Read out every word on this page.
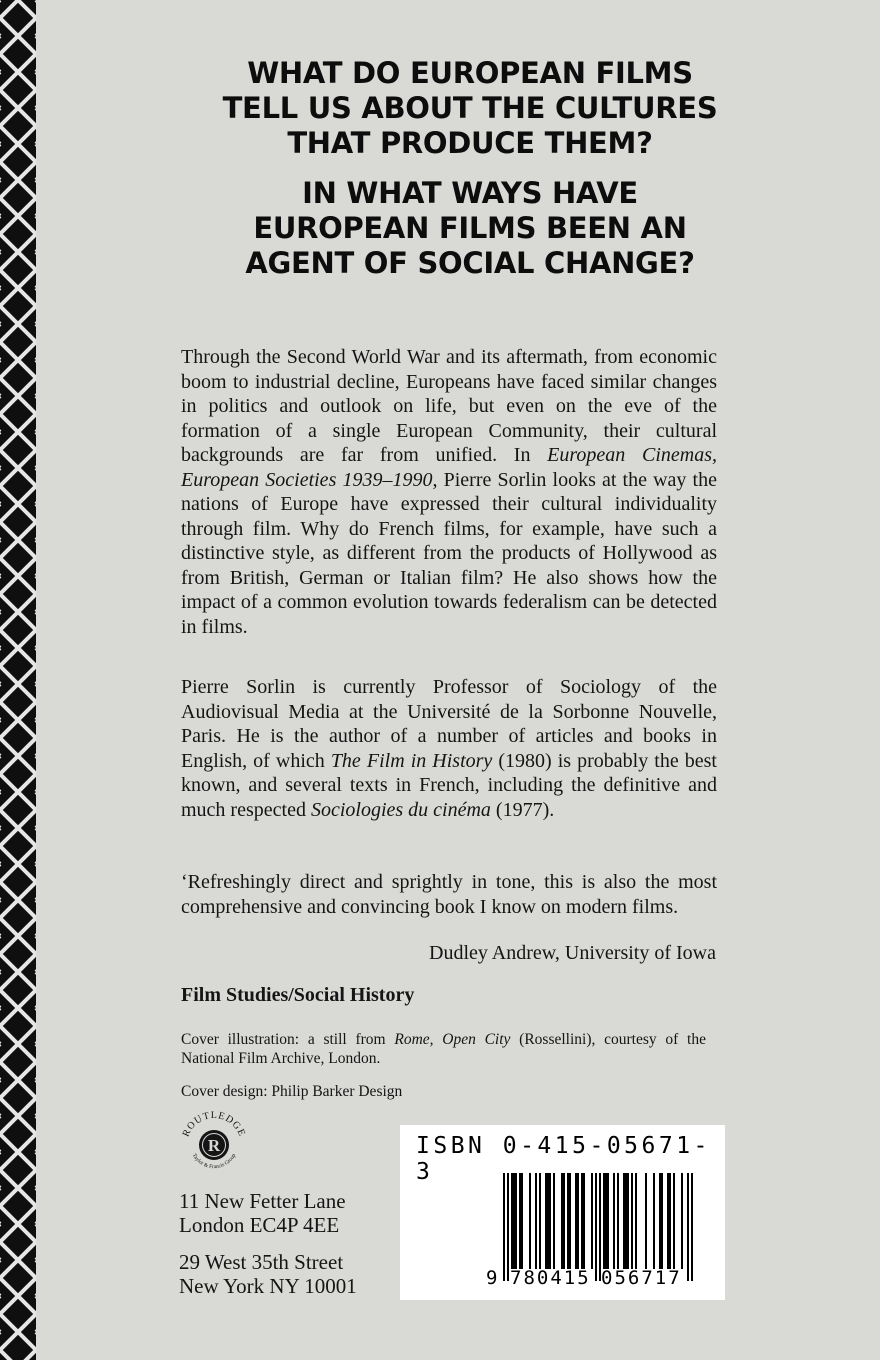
WHAT DO EUROPEAN FILMS
TELL US ABOUT THE CULTURES
THAT PRODUCE THEM?
IN WHAT WAYS HAVE
EUROPEAN FILMS BEEN AN
AGENT OF SOCIAL CHANGE?
Through the Second World War and its aftermath, from economic boom to industrial decline, Europeans have faced similar changes in politics and outlook on life, but even on the eve of the formation of a single European Community, their cultural backgrounds are far from unified. In European Cinemas, European Societies 1939–1990, Pierre Sorlin looks at the way the nations of Europe have expressed their cultural individuality through film. Why do French films, for example, have such a distinctive style, as different from the products of Hollywood as from British, German or Italian film? He also shows how the impact of a common evolution towards federalism can be detected in films.
Pierre Sorlin is currently Professor of Sociology of the Audiovisual Media at the Université de la Sorbonne Nouvelle, Paris. He is the author of a number of articles and books in English, of which The Film in History (1980) is probably the best known, and several texts in French, including the definitive and much respected Sociologies du cinéma (1977).
‘Refreshingly direct and sprightly in tone, this is also the most comprehensive and convincing book I know on modern films.
Dudley Andrew, University of Iowa
Film Studies/Social History
Cover illustration: a still from Rome, Open City (Rossellini), courtesy of the National Film Archive, London.
Cover design: Philip Barker Design
R
ROUTLEDGE
Taylor & Francis Group
11 New Fetter Lane
London EC4P 4EE
29 West 35th Street
New York NY 10001
ISBN 0-415-05671-3
9 780415 056717
